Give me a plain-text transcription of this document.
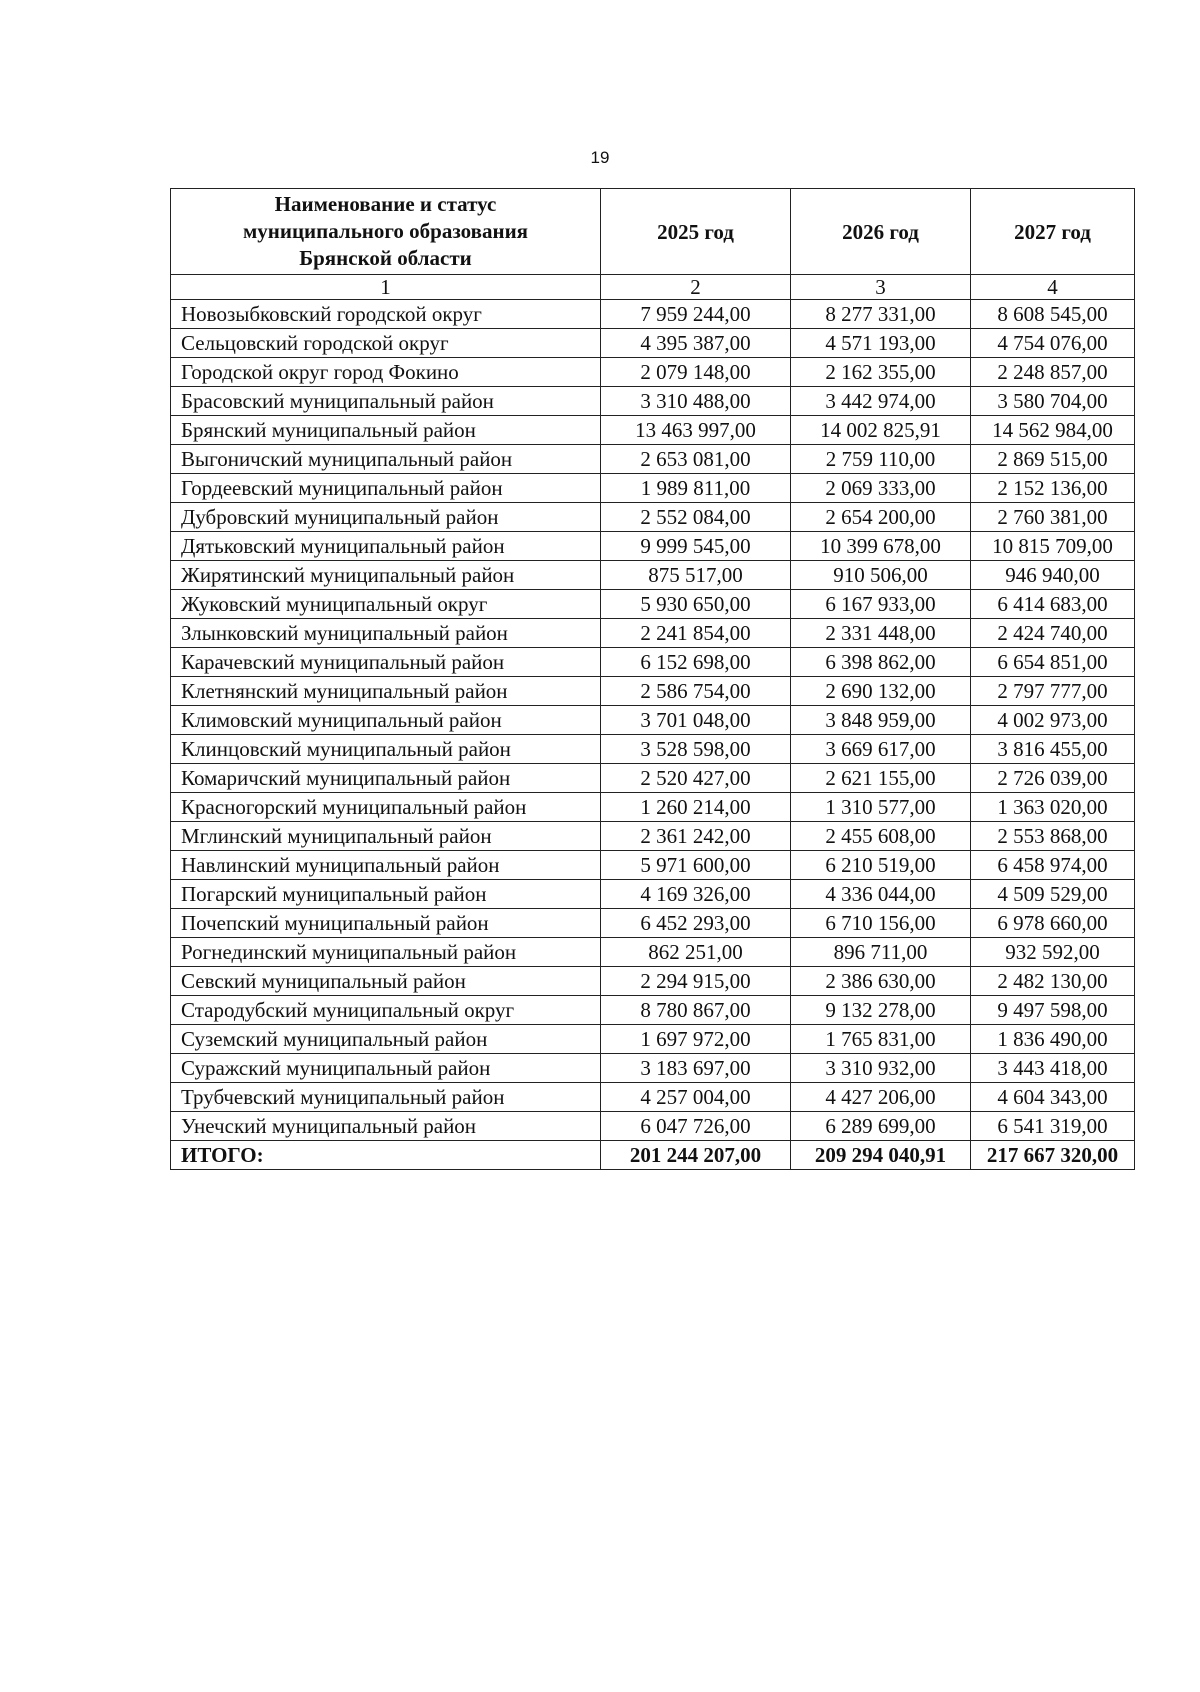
19
Наименование и статус
муниципального образования
Брянской области	2025 год	2026 год	2027 год
1	2	3	4
Новозыбковский городской округ	7 959 244,00	8 277 331,00	8 608 545,00
Сельцовский городской округ	4 395 387,00	4 571 193,00	4 754 076,00
Городской округ город Фокино	2 079 148,00	2 162 355,00	2 248 857,00
Брасовский муниципальный район	3 310 488,00	3 442 974,00	3 580 704,00
Брянский муниципальный район	13 463 997,00	14 002 825,91	14 562 984,00
Выгоничский муниципальный район	2 653 081,00	2 759 110,00	2 869 515,00
Гордеевский муниципальный район	1 989 811,00	2 069 333,00	2 152 136,00
Дубровский муниципальный район	2 552 084,00	2 654 200,00	2 760 381,00
Дятьковский муниципальный район	9 999 545,00	10 399 678,00	10 815 709,00
Жирятинский муниципальный район	875 517,00	910 506,00	946 940,00
Жуковский муниципальный округ	5 930 650,00	6 167 933,00	6 414 683,00
Злынковский муниципальный район	2 241 854,00	2 331 448,00	2 424 740,00
Карачевский муниципальный район	6 152 698,00	6 398 862,00	6 654 851,00
Клетнянский муниципальный район	2 586 754,00	2 690 132,00	2 797 777,00
Климовский муниципальный район	3 701 048,00	3 848 959,00	4 002 973,00
Клинцовский муниципальный район	3 528 598,00	3 669 617,00	3 816 455,00
Комаричский муниципальный район	2 520 427,00	2 621 155,00	2 726 039,00
Красногорский муниципальный район	1 260 214,00	1 310 577,00	1 363 020,00
Мглинский муниципальный район	2 361 242,00	2 455 608,00	2 553 868,00
Навлинский муниципальный район	5 971 600,00	6 210 519,00	6 458 974,00
Погарский муниципальный район	4 169 326,00	4 336 044,00	4 509 529,00
Почепский муниципальный район	6 452 293,00	6 710 156,00	6 978 660,00
Рогнединский муниципальный район	862 251,00	896 711,00	932 592,00
Севский муниципальный район	2 294 915,00	2 386 630,00	2 482 130,00
Стародубский муниципальный округ	8 780 867,00	9 132 278,00	9 497 598,00
Суземский муниципальный район	1 697 972,00	1 765 831,00	1 836 490,00
Суражский муниципальный район	3 183 697,00	3 310 932,00	3 443 418,00
Трубчевский муниципальный район	4 257 004,00	4 427 206,00	4 604 343,00
Унечский муниципальный район	6 047 726,00	6 289 699,00	6 541 319,00
ИТОГО:	201 244 207,00	209 294 040,91	217 667 320,00
